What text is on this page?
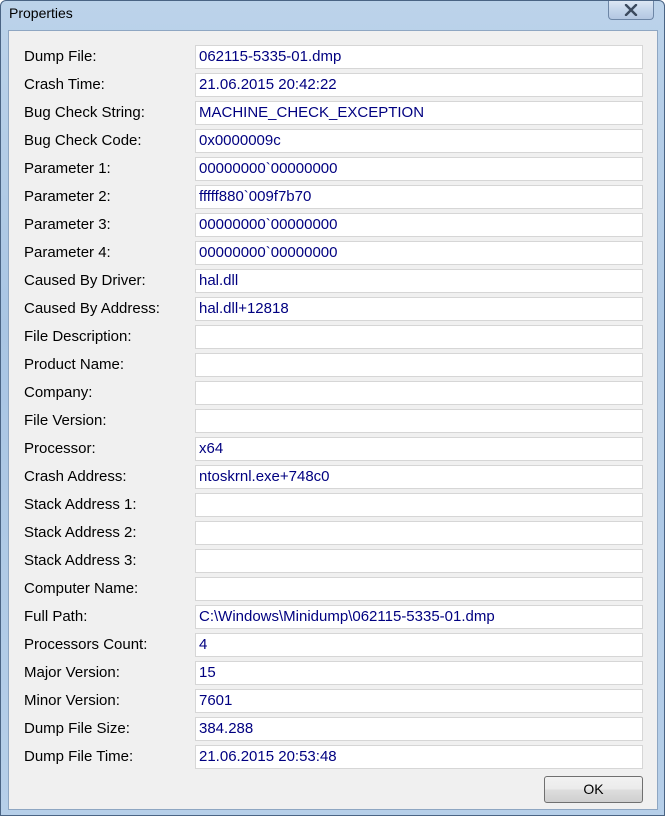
Properties
OK
Dump File:	062115-5335-01.dmp
Crash Time:	21.06.2015 20:42:22
Bug Check String:	MACHINE_CHECK_EXCEPTION
Bug Check Code:	0x0000009c
Parameter 1:	00000000`00000000
Parameter 2:	fffff880`009f7b70
Parameter 3:	00000000`00000000
Parameter 4:	00000000`00000000
Caused By Driver:	hal.dll
Caused By Address:	hal.dll+12818
File Description:
Product Name:
Company:
File Version:
Processor:	x64
Crash Address:	ntoskrnl.exe+748c0
Stack Address 1:
Stack Address 2:
Stack Address 3:
Computer Name:
Full Path:	C:\Windows\Minidump\062115-5335-01.dmp
Processors Count:	4
Major Version:	15
Minor Version:	7601
Dump File Size:	384.288
Dump File Time:	21.06.2015 20:53:48
